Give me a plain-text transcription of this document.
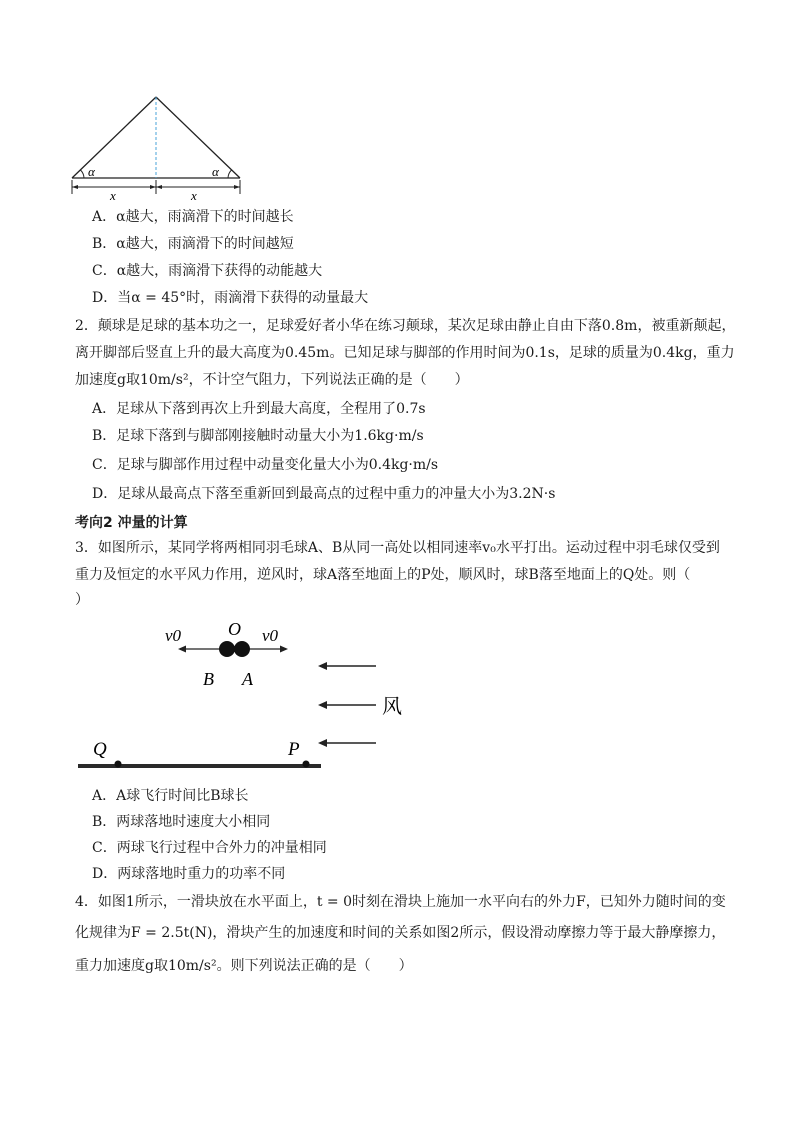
α	α
x	x
A．α越大，雨滴滑下的时间越长
B．α越大，雨滴滑下的时间越短
C．α越大，雨滴滑下获得的动能越大
D．当α = 45°时，雨滴滑下获得的动量最大
2．颠球是足球的基本功之一，足球爱好者小华在练习颠球，某次足球由静止自由下落0.8m，被重新颠起，
离开脚部后竖直上升的最大高度为0.45m。已知足球与脚部的作用时间为0.1s，足球的质量为0.4kg，重力
加速度g取10m/s²，不计空气阻力，下列说法正确的是（　　）
A．足球从下落到再次上升到最大高度，全程用了0.7s
B．足球下落到与脚部刚接触时动量大小为1.6kg·m/s
C．足球与脚部作用过程中动量变化量大小为0.4kg·m/s
D．足球从最高点下落至重新回到最高点的过程中重力的冲量大小为3.2N·s
考向2 冲量的计算
3．如图所示，某同学将两相同羽毛球A、B从同一高处以相同速率v₀水平打出。运动过程中羽毛球仅受到
重力及恒定的水平风力作用，逆风时，球A落至地面上的P处，顺风时，球B落至地面上的Q处。则（
）
v0	v0
O
B A
风
Q	P
A．A球飞行时间比B球长
B．两球落地时速度大小相同
C．两球飞行过程中合外力的冲量相同
D．两球落地时重力的功率不同
4．如图1所示，一滑块放在水平面上，t = 0时刻在滑块上施加一水平向右的外力F，已知外力随时间的变
化规律为F = 2.5t(N)，滑块产生的加速度和时间的关系如图2所示，假设滑动摩擦力等于最大静摩擦力，
重力加速度g取10m/s²。则下列说法正确的是（　　）
